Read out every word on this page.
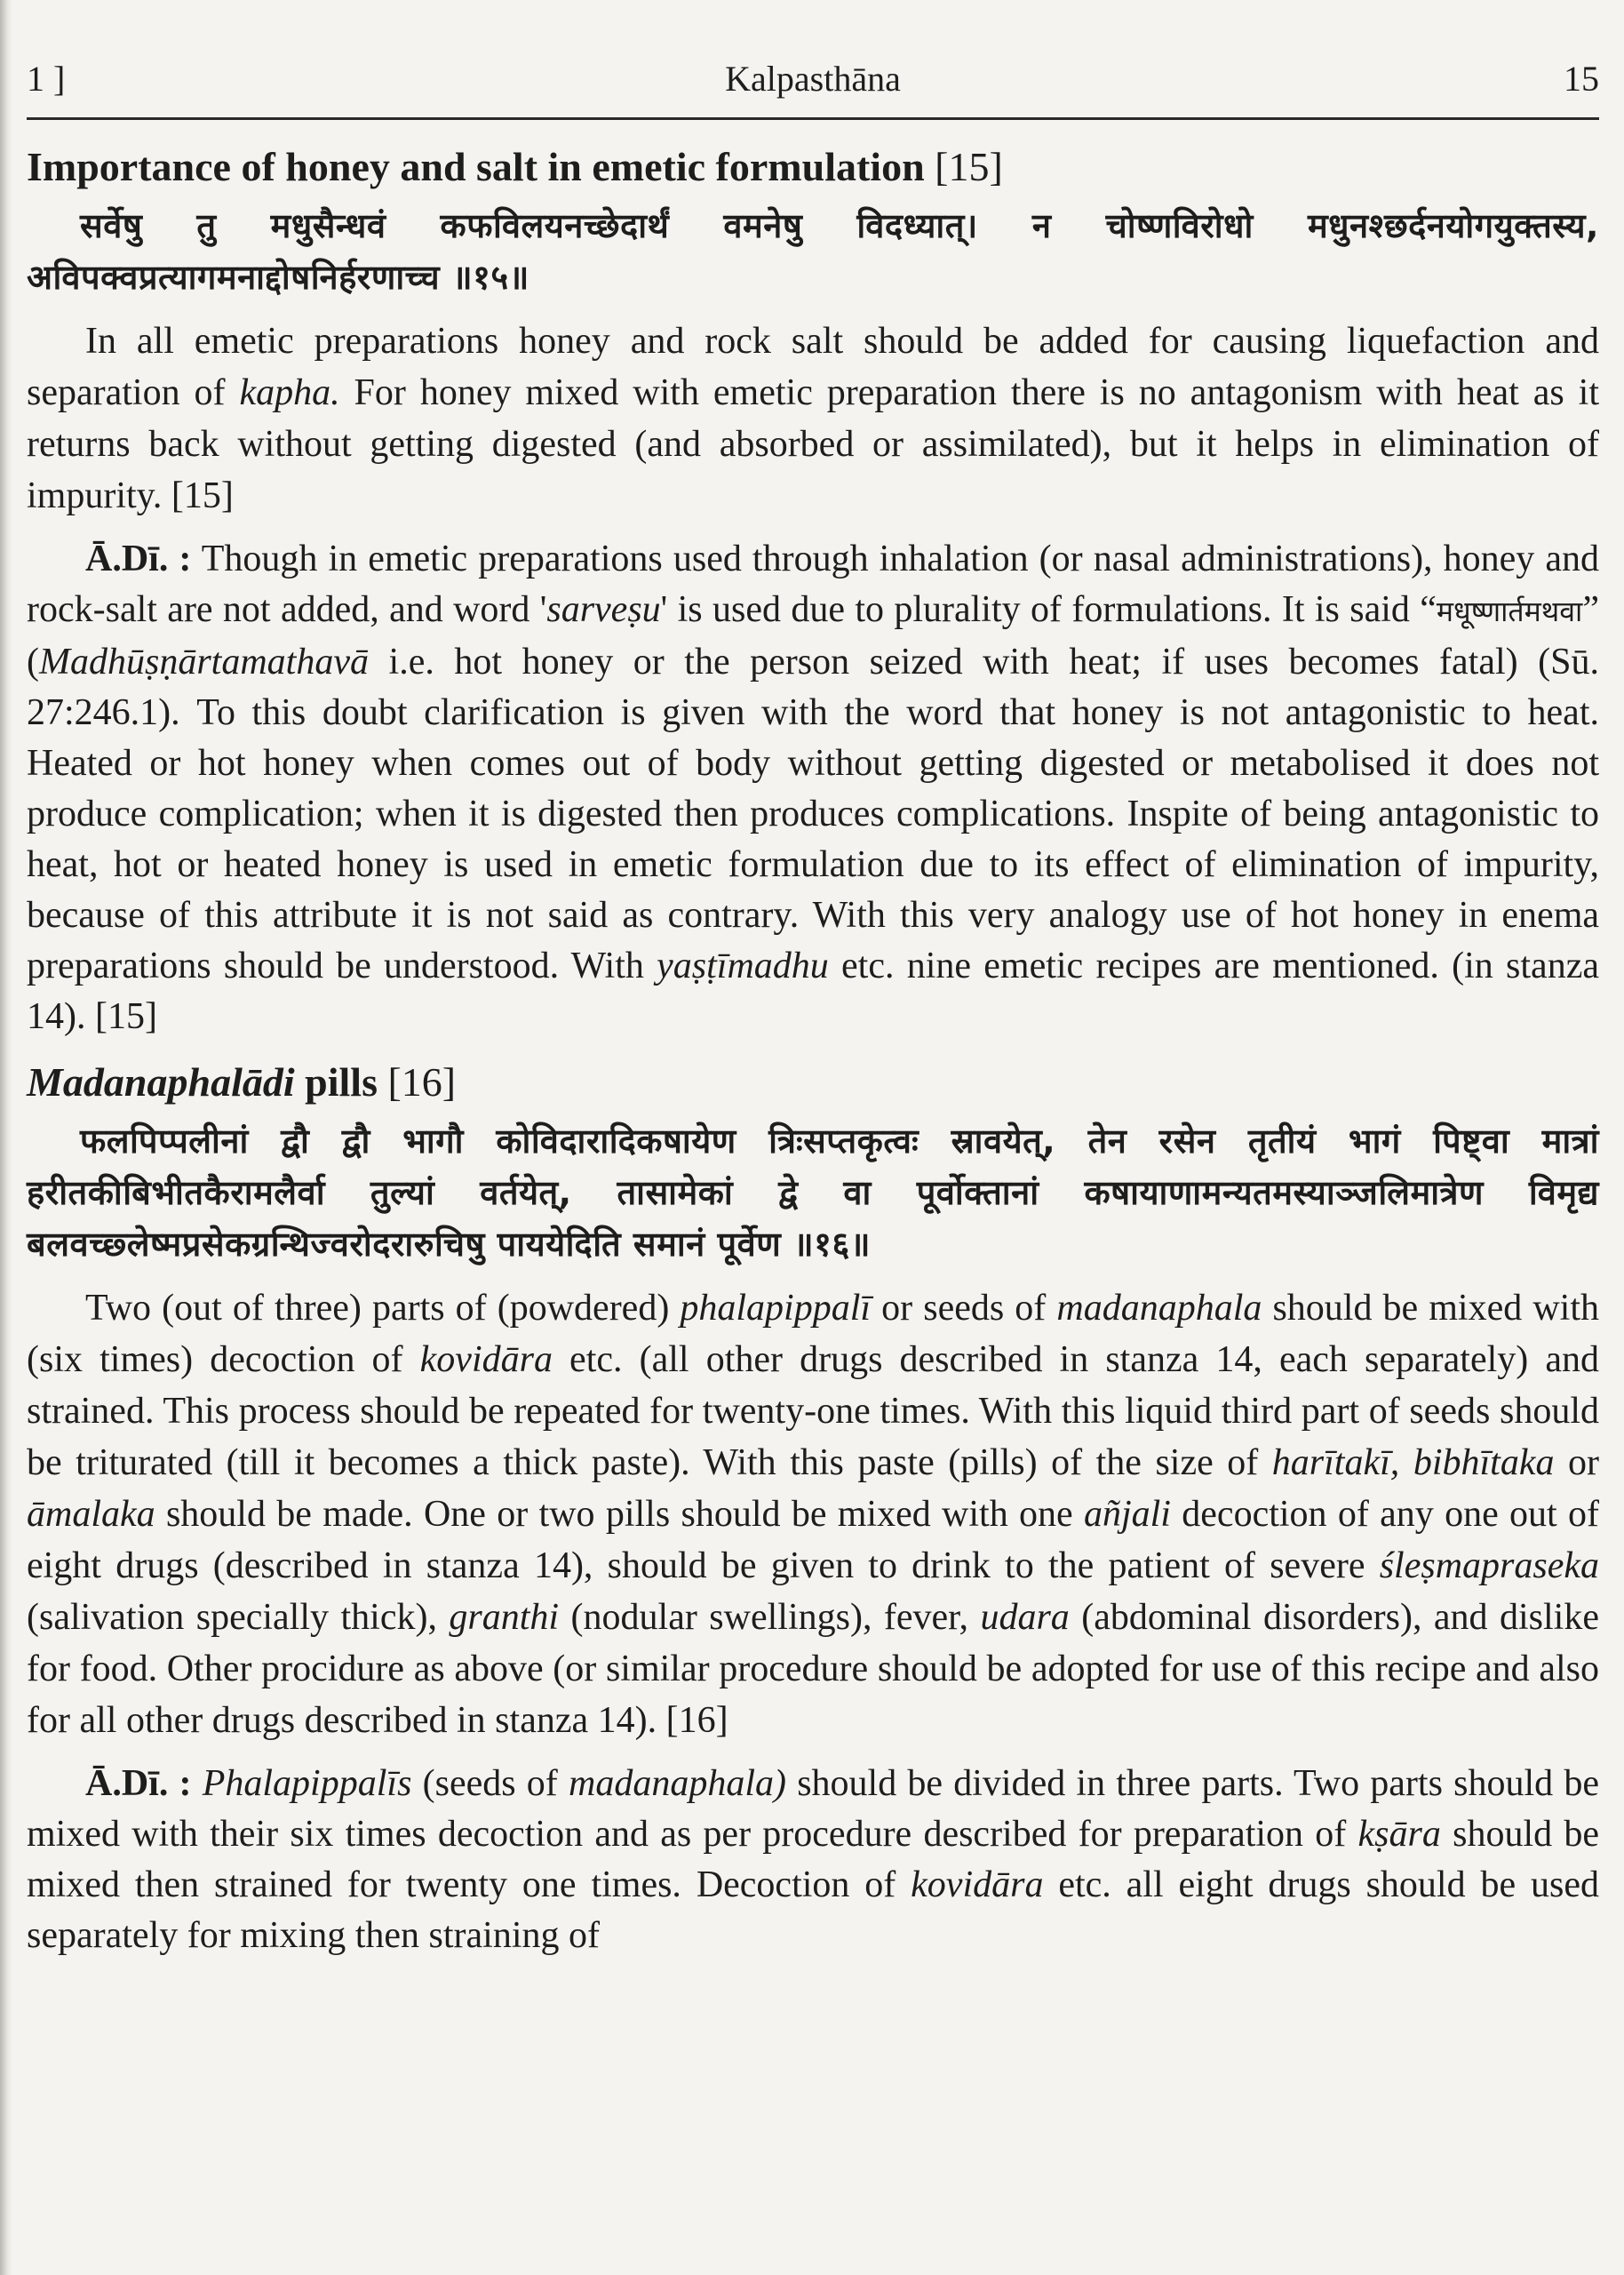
1 ]	Kalpasthāna	15
Importance of honey and salt in emetic formulation [15]

सर्वेषु तु मधुसैन्धवं कफविलयनच्छेदार्थं वमनेषु विदध्यात्। न चोष्णविरोधो मधुनश्छर्दनयोगयुक्तस्य, अविपक्वप्रत्यागमनाद्दोषनिर्हरणाच्च ॥१५॥

In all emetic preparations honey and rock salt should be added for causing liquefaction and separation of kapha. For honey mixed with emetic preparation there is no antagonism with heat as it returns back without getting digested (and absorbed or assimilated), but it helps in elimination of impurity. [15]

Ā.Dī. : Though in emetic preparations used through inhalation (or nasal administrations), honey and rock-salt are not added, and word 'sarveṣu' is used due to plurality of formulations. It is said “मधूष्णार्तमथवा” (Madhūṣṇārtamathavā i.e. hot honey or the person seized with heat; if uses becomes fatal) (Sū. 27:246.1). To this doubt clarification is given with the word that honey is not antagonistic to heat. Heated or hot honey when comes out of body without getting digested or metabolised it does not produce complication; when it is digested then produces complications. Inspite of being antagonistic to heat, hot or heated honey is used in emetic formulation due to its effect of elimination of impurity, because of this attribute it is not said as contrary. With this very analogy use of hot honey in enema preparations should be understood. With yaṣṭīmadhu etc. nine emetic recipes are mentioned. (in stanza 14). [15]

Madanaphalādi pills [16]

फलपिप्पलीनां द्वौ द्वौ भागौ कोविदारादिकषायेण त्रिःसप्तकृत्वः स्रावयेत्, तेन रसेन तृतीयं भागं पिष्ट्वा मात्रां हरीतकीबिभीतकैरामलैर्वा तुल्यां वर्तयेत्, तासामेकां द्वे वा पूर्वोक्तानां कषायाणामन्यतमस्याञ्जलिमात्रेण विमृद्य बलवच्छ्लेष्मप्रसेकग्रन्थिज्वरोदरारुचिषु पाययेदिति समानं पूर्वेण ॥१६॥

Two (out of three) parts of (powdered) phalapippalī or seeds of madanaphala should be mixed with (six times) decoction of kovidāra etc. (all other drugs described in stanza 14, each separately) and strained. This process should be repeated for twenty-one times. With this liquid third part of seeds should be triturated (till it becomes a thick paste). With this paste (pills) of the size of harītakī, bibhītaka or āmalaka should be made. One or two pills should be mixed with one añjali decoction of any one out of eight drugs (described in stanza 14), should be given to drink to the patient of severe śleṣmapraseka (salivation specially thick), granthi (nodular swellings), fever, udara (abdominal disorders), and dislike for food. Other procidure as above (or similar procedure should be adopted for use of this recipe and also for all other drugs described in stanza 14). [16]

Ā.Dī. : Phalapippalīs (seeds of madanaphala) should be divided in three parts. Two parts should be mixed with their six times decoction and as per procedure described for preparation of kṣāra should be mixed then strained for twenty one times. Decoction of kovidāra etc. all eight drugs should be used separately for mixing then straining of
